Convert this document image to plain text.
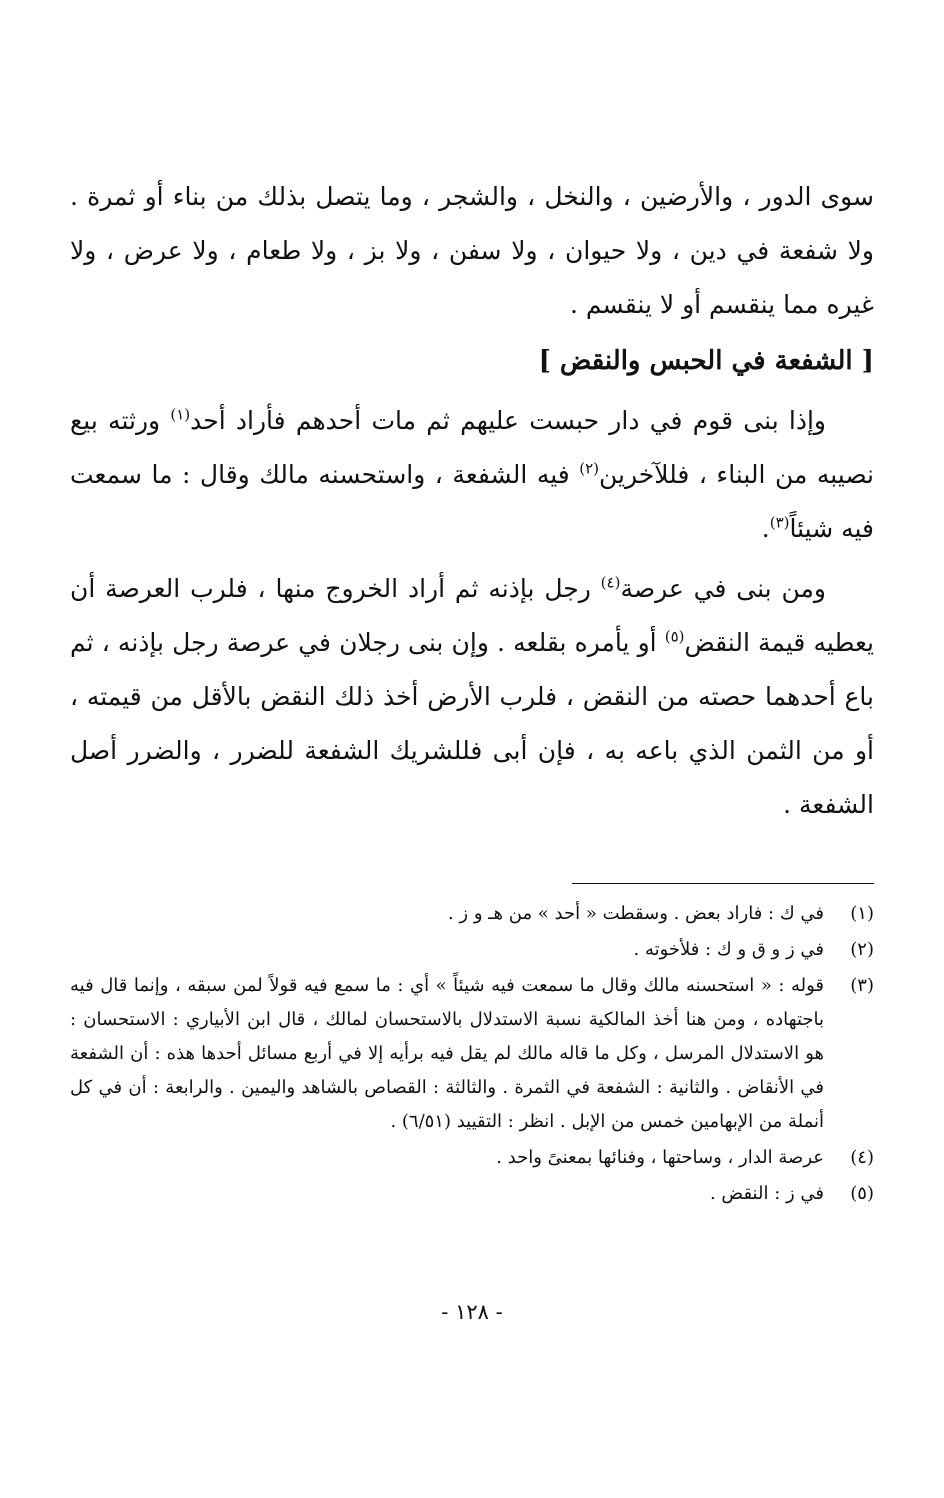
سوى الدور ، والأرضين ، والنخل ، والشجر ، وما يتصل بذلك من بناء أو ثمرة . ولا شفعة في دين ، ولا حيوان ، ولا سفن ، ولا بز ، ولا طعام ، ولا عرض ، ولا غيره مما ينقسم أو لا ينقسم .

[ الشفعة في الحبس والنقض ]

وإذا بنى قوم في دار حبست عليهم ثم مات أحدهم فأراد أحد$^{(١)}$ ورثته بيع نصيبه من البناء ، فللآخرين$^{(٢)}$ فيه الشفعة ، واستحسنه مالك وقال : ما سمعت فيه شيئاً$^{(٣)}$.

ومن بنى في عرصة$^{(٤)}$ رجل بإذنه ثم أراد الخروج منها ، فلرب العرصة أن يعطيه قيمة النقض$^{(٥)}$ أو يأمره بقلعه . وإن بنى رجلان في عرصة رجل بإذنه ، ثم باع أحدهما حصته من النقض ، فلرب الأرض أخذ ذلك النقض بالأقل من قيمته ، أو من الثمن الذي باعه به ، فإن أبى فللشريك الشفعة للضرر ، والضرر أصل الشفعة .

(١)
في ك : فاراد بعض . وسقطت « أحد » من هـ و ز .
(٢)
في ز و ق و ك : فلأخوته .
(٣)
قوله : « استحسنه مالك وقال ما سمعت فيه شيئاً » أي : ما سمع فيه قولاً لمن سبقه ، وإنما قال فيه باجتهاده ، ومن هنا أخذ المالكية نسبة الاستدلال بالاستحسان لمالك ، قال ابن الأبياري : الاستحسان : هو الاستدلال المرسل ، وكل ما قاله مالك لم يقل فيه برأيه إلا في أربع مسائل أحدها هذه : أن الشفعة في الأنقاض . والثانية : الشفعة في الثمرة . والثالثة : القصاص بالشاهد واليمين . والرابعة : أن في كل أنملة من الإبهامين خمس من الإبل . انظر : التقييد (٦/٥١) .
(٤)
عرصة الدار ، وساحتها ، وفنائها بمعنىً واحد .
(٥)
في ز : النقض .
- ١٢٨ -
